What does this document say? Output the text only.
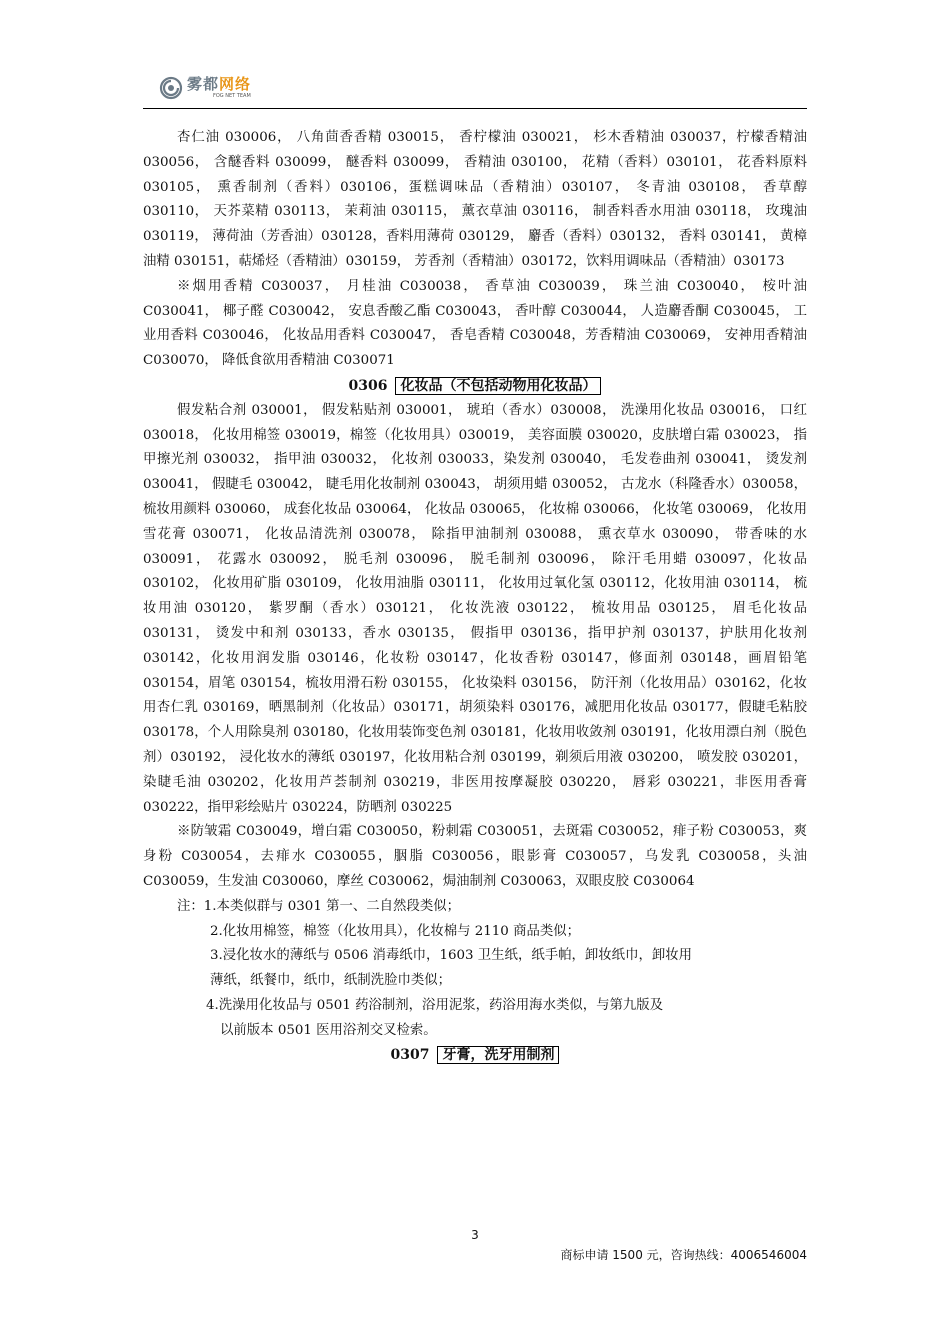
雾都网络
FOG NET TEAM

杏仁油 030006， 八角茴香香精 030015， 香柠檬油 030021， 杉木香精油 030037，柠檬香精油 030056， 含醚香料 030099， 醚香料 030099， 香精油 030100， 花精（香料）030101， 花香料原料 030105， 熏香制剂（香料）030106，蛋糕调味品（香精油）030107， 冬青油 030108， 香草醇 030110， 天芥菜精 030113， 茉莉油 030115， 薰衣草油 030116， 制香料香水用油 030118， 玫瑰油 030119， 薄荷油（芳香油）030128，香料用薄荷 030129， 麝香（香料）030132， 香料 030141， 黄樟油精 030151，萜烯烃（香精油）030159， 芳香剂（香精油）030172，饮料用调味品（香精油）030173

※烟用香精 C030037， 月桂油 C030038， 香草油 C030039， 珠兰油 C030040， 桉叶油 C030041， 椰子醛 C030042， 安息香酸乙酯 C030043， 香叶醇 C030044， 人造麝香酮 C030045， 工业用香料 C030046， 化妆品用香料 C030047， 香皂香精 C030048，芳香精油 C030069， 安神用香精油 C030070， 降低食欲用香精油 C030071

0306 化妆品（不包括动物用化妆品）

假发粘合剂 030001， 假发粘贴剂 030001， 琥珀（香水）030008， 洗澡用化妆品 030016， 口红 030018， 化妆用棉签 030019，棉签（化妆用具）030019， 美容面膜 030020，皮肤增白霜 030023， 指甲擦光剂 030032， 指甲油 030032， 化妆剂 030033，染发剂 030040， 毛发卷曲剂 030041， 烫发剂 030041， 假睫毛 030042， 睫毛用化妆制剂 030043， 胡须用蜡 030052， 古龙水（科隆香水）030058， 梳妆用颜料 030060， 成套化妆品 030064， 化妆品 030065， 化妆棉 030066， 化妆笔 030069， 化妆用雪花膏 030071， 化妆品清洗剂 030078， 除指甲油制剂 030088， 熏衣草水 030090， 带香味的水 030091， 花露水 030092， 脱毛剂 030096， 脱毛制剂 030096， 除汗毛用蜡 030097，化妆品 030102， 化妆用矿脂 030109， 化妆用油脂 030111， 化妆用过氧化氢 030112，化妆用油 030114， 梳妆用油 030120， 紫罗酮（香水）030121， 化妆洗液 030122， 梳妆用品 030125， 眉毛化妆品 030131， 烫发中和剂 030133，香水 030135， 假指甲 030136，指甲护剂 030137，护肤用化妆剂 030142，化妆用润发脂 030146，化妆粉 030147，化妆香粉 030147，修面剂 030148，画眉铅笔 030154，眉笔 030154，梳妆用滑石粉 030155， 化妆染料 030156， 防汗剂（化妆用品）030162，化妆用杏仁乳 030169，晒黑制剂（化妆品）030171，胡须染料 030176，减肥用化妆品 030177，假睫毛粘胶 030178，个人用除臭剂 030180，化妆用装饰变色剂 030181，化妆用收敛剂 030191，化妆用漂白剂（脱色剂）030192， 浸化妆水的薄纸 030197，化妆用粘合剂 030199，剃须后用液 030200， 喷发胶 030201，染睫毛油 030202，化妆用芦荟制剂 030219，非医用按摩凝胶 030220， 唇彩 030221，非医用香膏 030222，指甲彩绘贴片 030224，防晒剂 030225

※防皱霜 C030049，增白霜 C030050，粉刺霜 C030051，去斑霜 C030052，痱子粉 C030053，爽身粉 C030054，去痱水 C030055，胭脂 C030056，眼影膏 C030057，乌发乳 C030058，头油 C030059，生发油 C030060，摩丝 C030062，焗油制剂 C030063，双眼皮胶 C030064

注：1.本类似群与 0301 第一、二自然段类似；
2.化妆用棉签，棉签（化妆用具），化妆棉与 2110 商品类似；
3.浸化妆水的薄纸与 0506 消毒纸巾，1603 卫生纸，纸手帕，卸妆纸巾，卸妆用
薄纸，纸餐巾，纸巾，纸制洗脸巾类似；
4.洗澡用化妆品与 0501 药浴制剂，浴用泥浆，药浴用海水类似，与第九版及
以前版本 0501 医用浴剂交叉检索。
0307 牙膏，洗牙用制剂
3
商标申请 1500 元，咨询热线：4006546004
